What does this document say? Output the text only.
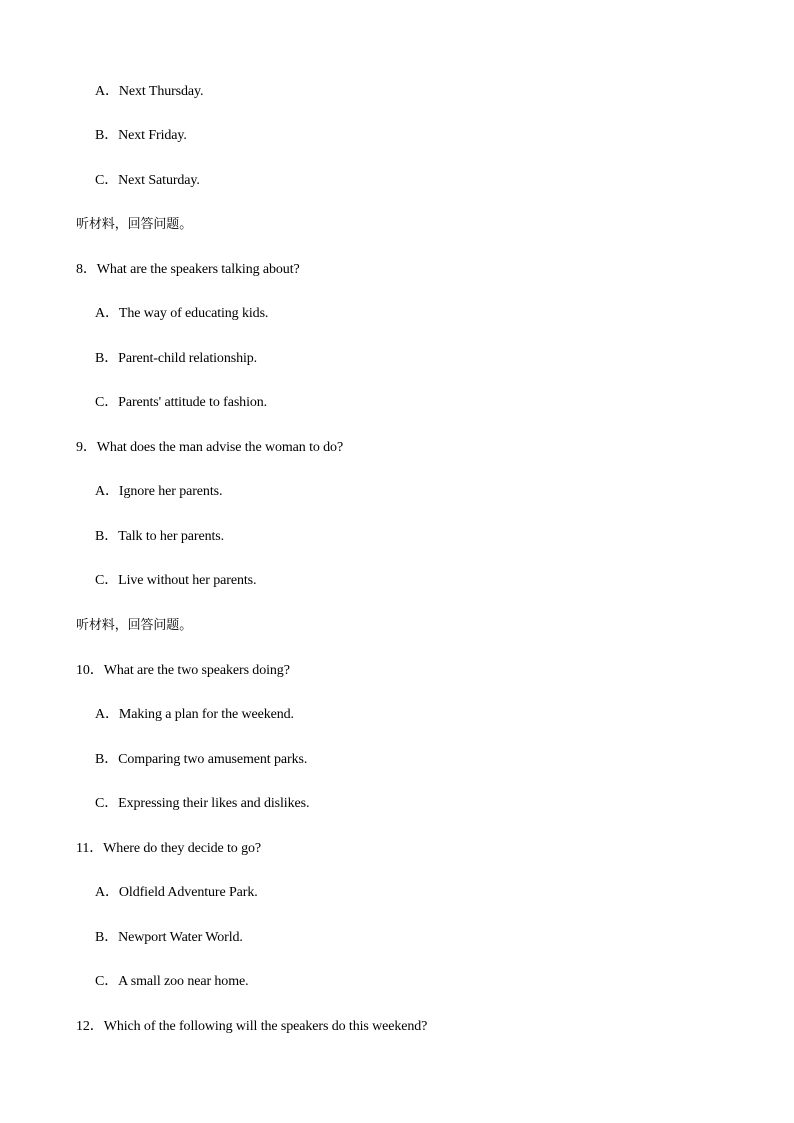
A．Next Thursday.
B．Next Friday.
C．Next Saturday.
听材料，回答问题。
8．What are the speakers talking about?
A．The way of educating kids.
B．Parent-child relationship.
C．Parents' attitude to fashion.
9．What does the man advise the woman to do?
A．Ignore her parents.
B．Talk to her parents.
C．Live without her parents.
听材料，回答问题。
10．What are the two speakers doing?
A．Making a plan for the weekend.
B．Comparing two amusement parks.
C．Expressing their likes and dislikes.
11．Where do they decide to go?
A．Oldfield Adventure Park.
B．Newport Water World.
C．A small zoo near home.
12．Which of the following will the speakers do this weekend?
